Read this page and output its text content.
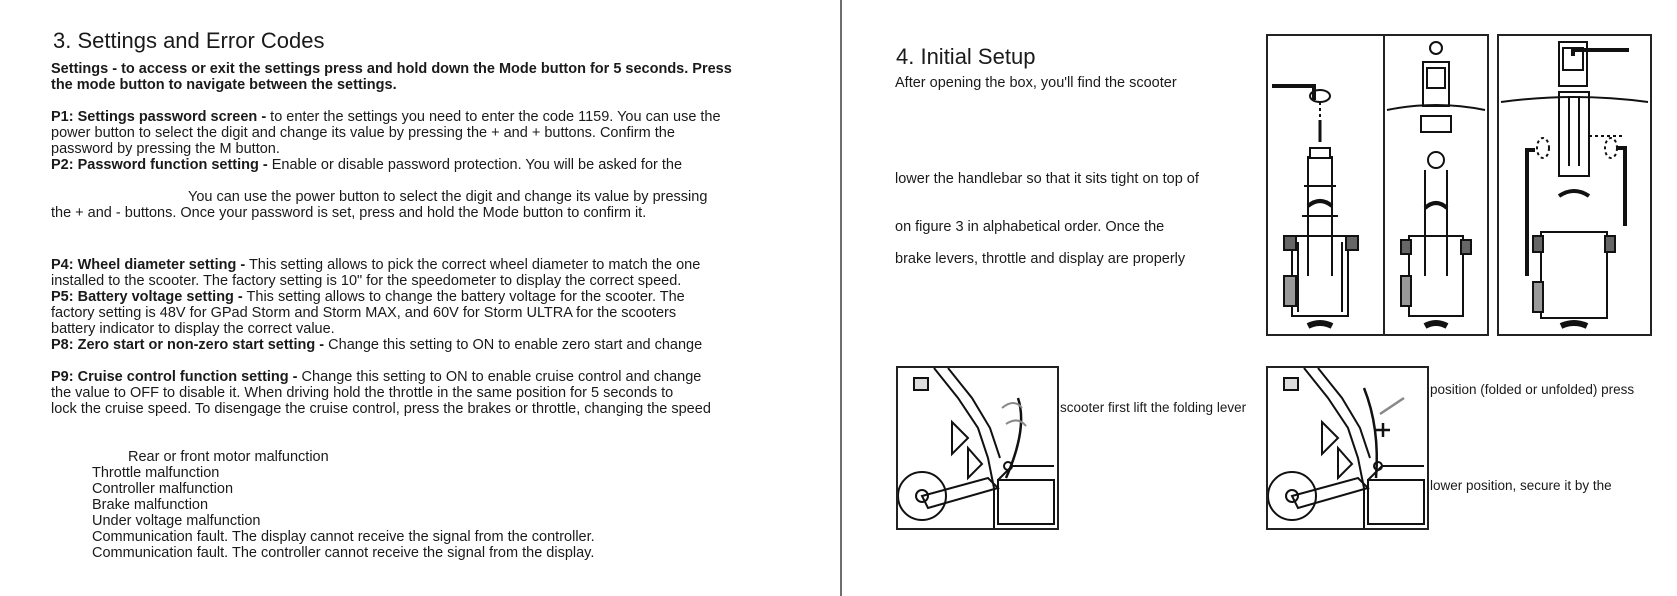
3. Settings and Error Codes
Settings - to access or exit the settings press and hold down the Mode button for 5 seconds. Press
the mode button to navigate between the settings.
P1: Settings password screen - to enter the settings you need to enter the code 1159. You can use the
power button to select the digit and change its value by pressing the + and + buttons. Confirm the
password by pressing the M button.
P2: Password function setting - Enable or disable password protection. You will be asked for the
You can use the power button to select the digit and change its value by pressing
the + and - buttons. Once your password is set, press and hold the Mode button to confirm it.
P4: Wheel diameter setting - This setting allows to pick the correct wheel diameter to match the one
installed to the scooter. The factory setting is 10" for the speedometer to display the correct speed.
P5: Battery voltage setting - This setting allows to change the battery voltage for the scooter. The
factory setting is 48V for GPad Storm and Storm MAX, and 60V for Storm ULTRA for the scooters
battery indicator to display the correct value.
P8: Zero start or non-zero start setting - Change this setting to ON to enable zero start and change
P9: Cruise control function setting - Change this setting to ON to enable cruise control and change
the value to OFF to disable it. When driving hold the throttle in the same position for 5 seconds to
lock the cruise speed. To disengage the cruise control, press the brakes or throttle, changing the speed
Rear or front motor malfunction
Throttle malfunction
Controller malfunction
Brake malfunction
Under voltage malfunction
Communication fault. The display cannot receive the signal from the controller.
Communication fault. The controller cannot receive the signal from the display.
4. Initial Setup
After opening the box, you'll find the scooter
lower the handlebar so that it sits tight on top of
on figure 3 in alphabetical order. Once the
brake levers, throttle and display are properly
scooter first lift the folding lever
position (folded or unfolded) press
lower position, secure it by the
